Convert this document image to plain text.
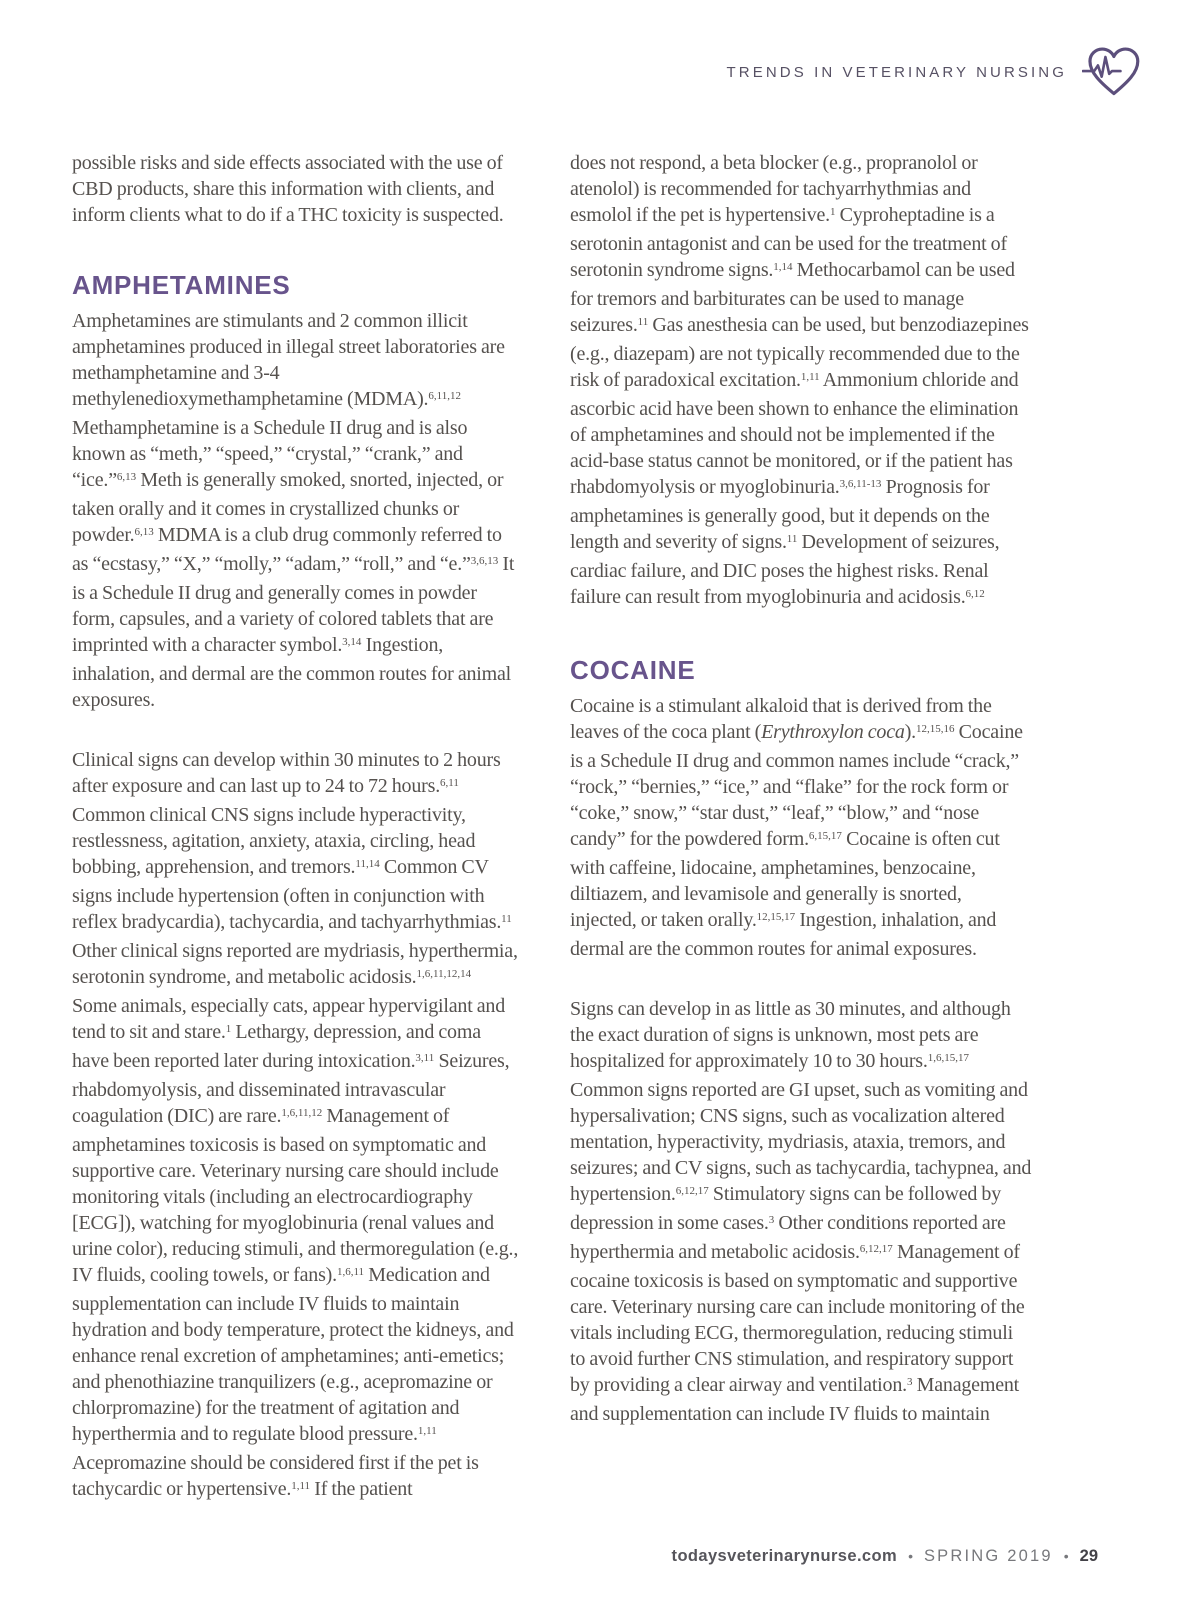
TRENDS IN VETERINARY NURSING

possible risks and side effects associated with the use of CBD products, share this information with clients, and inform clients what to do if a THC toxicity is suspected.

AMPHETAMINES

Amphetamines are stimulants and 2 common illicit amphetamines produced in illegal street laboratories are methamphetamine and 3-4 methylenedioxymethamphetamine (MDMA).$^{6,11,12}$ Methamphetamine is a Schedule II drug and is also known as “meth,” “speed,” “crystal,” “crank,” and “ice.”$^{6,13}$ Meth is generally smoked, snorted, injected, or taken orally and it comes in crystallized chunks or powder.$^{6,13}$ MDMA is a club drug commonly referred to as “ecstasy,” “X,” “molly,” “adam,” “roll,” and “e.”$^{3,6,13}$ It is a Schedule II drug and generally comes in powder form, capsules, and a variety of colored tablets that are imprinted with a character symbol.$^{3,14}$ Ingestion, inhalation, and dermal are the common routes for animal exposures.

Clinical signs can develop within 30 minutes to 2 hours after exposure and can last up to 24 to 72 hours.$^{6,11}$ Common clinical CNS signs include hyperactivity, restlessness, agitation, anxiety, ataxia, circling, head bobbing, apprehension, and tremors.$^{11,14}$ Common CV signs include hypertension (often in conjunction with reflex bradycardia), tachycardia, and tachyarrhythmias.$^{11}$ Other clinical signs reported are mydriasis, hyperthermia, serotonin syndrome, and metabolic acidosis.$^{1,6,11,12,14}$ Some animals, especially cats, appear hypervigilant and tend to sit and stare.$^1$ Lethargy, depression, and coma have been reported later during intoxication.$^{3,11}$ Seizures, rhabdomyolysis, and disseminated intravascular coagulation (DIC) are rare.$^{1,6,11,12}$ Management of amphetamines toxicosis is based on symptomatic and supportive care. Veterinary nursing care should include monitoring vitals (including an electrocardiography [ECG]), watching for myoglobinuria (renal values and urine color), reducing stimuli, and thermoregulation (e.g., IV fluids, cooling towels, or fans).$^{1,6,11}$ Medication and supplementation can include IV fluids to maintain hydration and body temperature, protect the kidneys, and enhance renal excretion of amphetamines; anti-emetics; and phenothiazine tranquilizers (e.g., acepromazine or chlorpromazine) for the treatment of agitation and hyperthermia and to regulate blood pressure.$^{1,11}$ Acepromazine should be considered first if the pet is tachycardic or hypertensive.$^{1,11}$ If the patient

does not respond, a beta blocker (e.g., propranolol or atenolol) is recommended for tachyarrhythmias and esmolol if the pet is hypertensive.$^1$ Cyproheptadine is a serotonin antagonist and can be used for the treatment of serotonin syndrome signs.$^{1,14}$ Methocarbamol can be used for tremors and barbiturates can be used to manage seizures.$^{11}$ Gas anesthesia can be used, but benzodiazepines (e.g., diazepam) are not typically recommended due to the risk of paradoxical excitation.$^{1,11}$ Ammonium chloride and ascorbic acid have been shown to enhance the elimination of amphetamines and should not be implemented if the acid-base status cannot be monitored, or if the patient has rhabdomyolysis or myoglobinuria.$^{3,6,11-13}$ Prognosis for amphetamines is generally good, but it depends on the length and severity of signs.$^{11}$ Development of seizures, cardiac failure, and DIC poses the highest risks. Renal failure can result from myoglobinuria and acidosis.$^{6,12}$

COCAINE

Cocaine is a stimulant alkaloid that is derived from the leaves of the coca plant (Erythroxylon coca).$^{12,15,16}$ Cocaine is a Schedule II drug and common names include “crack,” “rock,” “bernies,” “ice,” and “flake” for the rock form or “coke,” snow,” “star dust,” “leaf,” “blow,” and “nose candy” for the powdered form.$^{6,15,17}$ Cocaine is often cut with caffeine, lidocaine, amphetamines, benzocaine, diltiazem, and levamisole and generally is snorted, injected, or taken orally.$^{12,15,17}$ Ingestion, inhalation, and dermal are the common routes for animal exposures.

Signs can develop in as little as 30 minutes, and although the exact duration of signs is unknown, most pets are hospitalized for approximately 10 to 30 hours.$^{1,6,15,17}$ Common signs reported are GI upset, such as vomiting and hypersalivation; CNS signs, such as vocalization altered mentation, hyperactivity, mydriasis, ataxia, tremors, and seizures; and CV signs, such as tachycardia, tachypnea, and hypertension.$^{6,12,17}$ Stimulatory signs can be followed by depression in some cases.$^3$ Other conditions reported are hyperthermia and metabolic acidosis.$^{6,12,17}$ Management of cocaine toxicosis is based on symptomatic and supportive care. Veterinary nursing care can include monitoring of the vitals including ECG, thermoregulation, reducing stimuli to avoid further CNS stimulation, and respiratory support by providing a clear airway and ventilation.$^3$ Management and supplementation can include IV fluids to maintain

todaysveterinarynurse.com • SPRING 2019 • 29
